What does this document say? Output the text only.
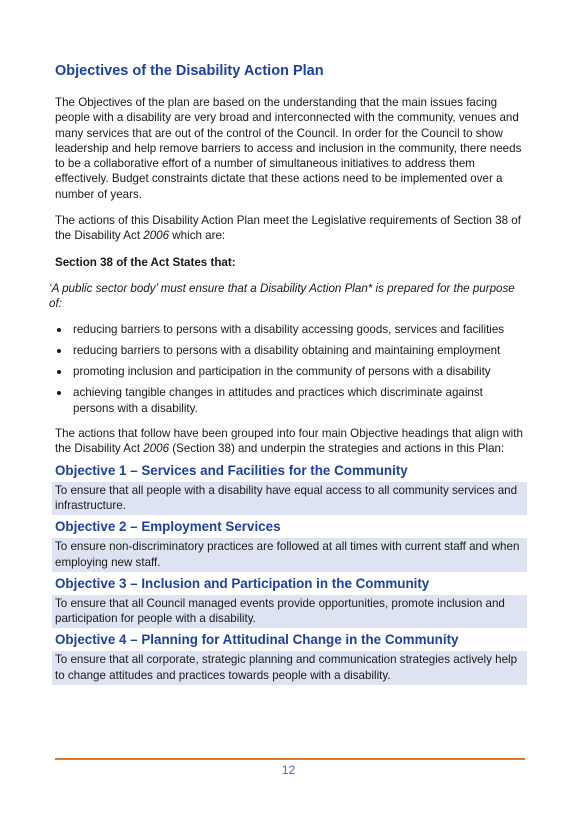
Objectives of the Disability Action Plan

The Objectives of the plan are based on the understanding that the main issues facing people with a disability are very broad and interconnected with the community, venues and many services that are out of the control of the Council. In order for the Council to show leadership and help remove barriers to access and inclusion in the community, there needs to be a collaborative effort of a number of simultaneous initiatives to address them effectively. Budget constraints dictate that these actions need to be implemented over a number of years.

The actions of this Disability Action Plan meet the Legislative requirements of Section 38 of the Disability Act 2006 which are:

Section 38 of the Act States that:

‘A public sector body’ must ensure that a Disability Action Plan* is prepared for the purpose of:

reducing barriers to persons with a disability accessing goods, services and facilities
reducing barriers to persons with a disability obtaining and maintaining employment
promoting inclusion and participation in the community of persons with a disability
achieving tangible changes in attitudes and practices which discriminate against persons with a disability.

The actions that follow have been grouped into four main Objective headings that align with the Disability Act 2006 (Section 38) and underpin the strategies and actions in this Plan:

Objective 1 – Services and Facilities for the Community
To ensure that all people with a disability have equal access to all community services and infrastructure.
Objective 2 – Employment Services
To ensure non-discriminatory practices are followed at all times with current staff and when employing new staff.
Objective 3 – Inclusion and Participation in the Community
To ensure that all Council managed events provide opportunities, promote inclusion and participation for people with a disability.
Objective 4 – Planning for Attitudinal Change in the Community
To ensure that all corporate, strategic planning and communication strategies actively help to change attitudes and practices towards people with a disability.
12
